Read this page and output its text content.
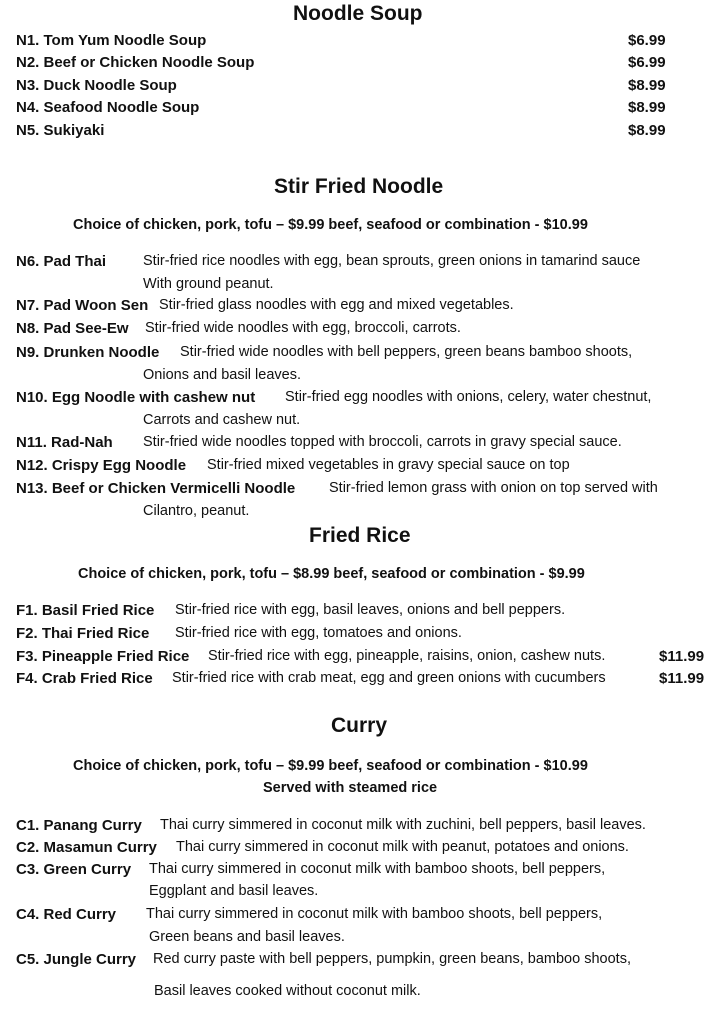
Noodle Soup
N1. Tom Yum Noodle Soup	$6.99
N2. Beef or Chicken Noodle Soup	$6.99
N3. Duck Noodle Soup	$8.99
N4. Seafood Noodle Soup	$8.99
N5. Sukiyaki	$8.99
Stir Fried Noodle
Choice of chicken, pork, tofu – $9.99 beef, seafood or combination - $10.99
N6. Pad Thai	Stir-fried rice noodles with egg, bean sprouts, green onions in tamarind sauce
With ground peanut.
N7. Pad Woon Sen Stir-fried glass noodles with egg and mixed vegetables.
N8. Pad See-Ew Stir-fried wide noodles with egg, broccoli, carrots.
N9. Drunken Noodle Stir-fried wide noodles with bell peppers, green beans bamboo shoots,
Onions and basil leaves.
N10. Egg Noodle with cashew nut Stir-fried egg noodles with onions, celery, water chestnut,
Carrots and cashew nut.
N11. Rad-Nah Stir-fried wide noodles topped with broccoli, carrots in gravy special sauce.
N12. Crispy Egg Noodle Stir-fried mixed vegetables in gravy special sauce on top
N13. Beef or Chicken Vermicelli Noodle Stir-fried lemon grass with onion on top served with
Cilantro, peanut.
Fried Rice
Choice of chicken, pork, tofu – $8.99 beef, seafood or combination - $9.99
F1. Basil Fried Rice Stir-fried rice with egg, basil leaves, onions and bell peppers.
F2. Thai Fried Rice Stir-fried rice with egg, tomatoes and onions.
F3. Pineapple Fried Rice Stir-fried rice with egg, pineapple, raisins, onion, cashew nuts.	$11.99
F4. Crab Fried Rice Stir-fried rice with crab meat, egg and green onions with cucumbers	$11.99
Curry
Choice of chicken, pork, tofu – $9.99 beef, seafood or combination - $10.99
Served with steamed rice
C1. Panang Curry Thai curry simmered in coconut milk with zuchini, bell peppers, basil leaves.
C2. Masamun Curry Thai curry simmered in coconut milk with peanut, potatoes and onions.
C3. Green Curry Thai curry simmered in coconut milk with bamboo shoots, bell peppers,
Eggplant and basil leaves.
C4. Red Curry Thai curry simmered in coconut milk with bamboo shoots, bell peppers,
Green beans and basil leaves.
C5. Jungle Curry Red curry paste with bell peppers, pumpkin, green beans, bamboo shoots,
Basil leaves cooked without coconut milk.
